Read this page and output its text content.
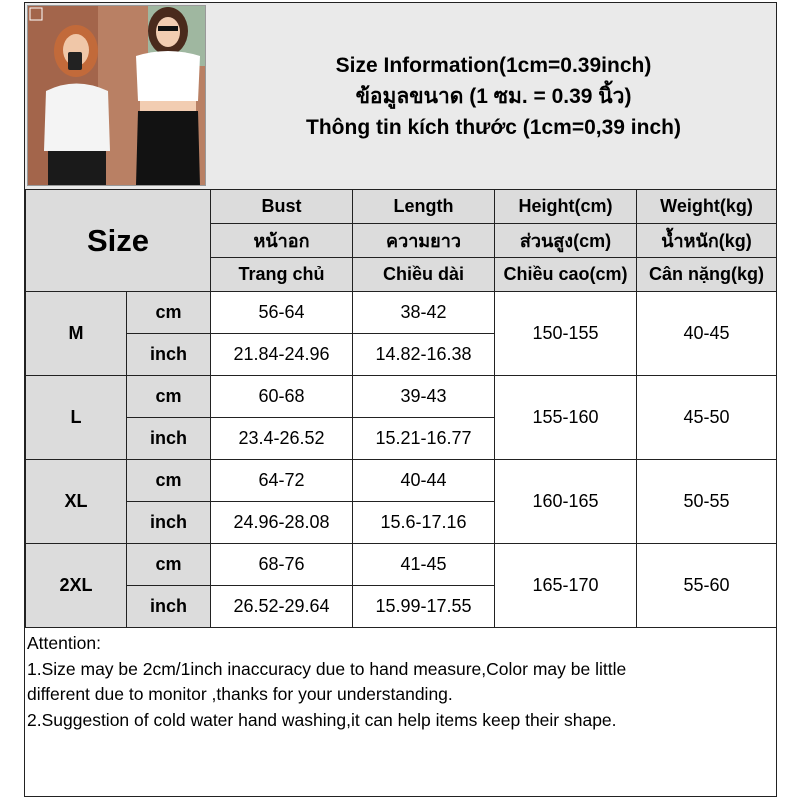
Size Information(1cm=0.39inch)
ข้อมูลขนาด (1 ซม. = 0.39 นิ้ว)
Thông tin kích thước (1cm=0,39 inch)
Size		Bust	Length	Height(cm)	Weight(kg)
		หน้าอก	ความยาว	ส่วนสูง(cm)	น้ำหนัก(kg)
		Trang chủ	Chiều dài	Chiều cao(cm)	Cân nặng(kg)
M	cm	56-64	38-42	150-155	40-45
	inch	21.84-24.96	14.82-16.38		
L	cm	60-68	39-43	155-160	45-50
	inch	23.4-26.52	15.21-16.77		
XL	cm	64-72	40-44	160-165	50-55
	inch	24.96-28.08	15.6-17.16		
2XL	cm	68-76	41-45	165-170	55-60
	inch	26.52-29.64	15.99-17.55		
Attention:
1.Size may be 2cm/1inch inaccuracy due to hand measure,Color may be little
different due to monitor ,thanks for your understanding.
2.Suggestion of cold water hand washing,it can help items keep their shape.
